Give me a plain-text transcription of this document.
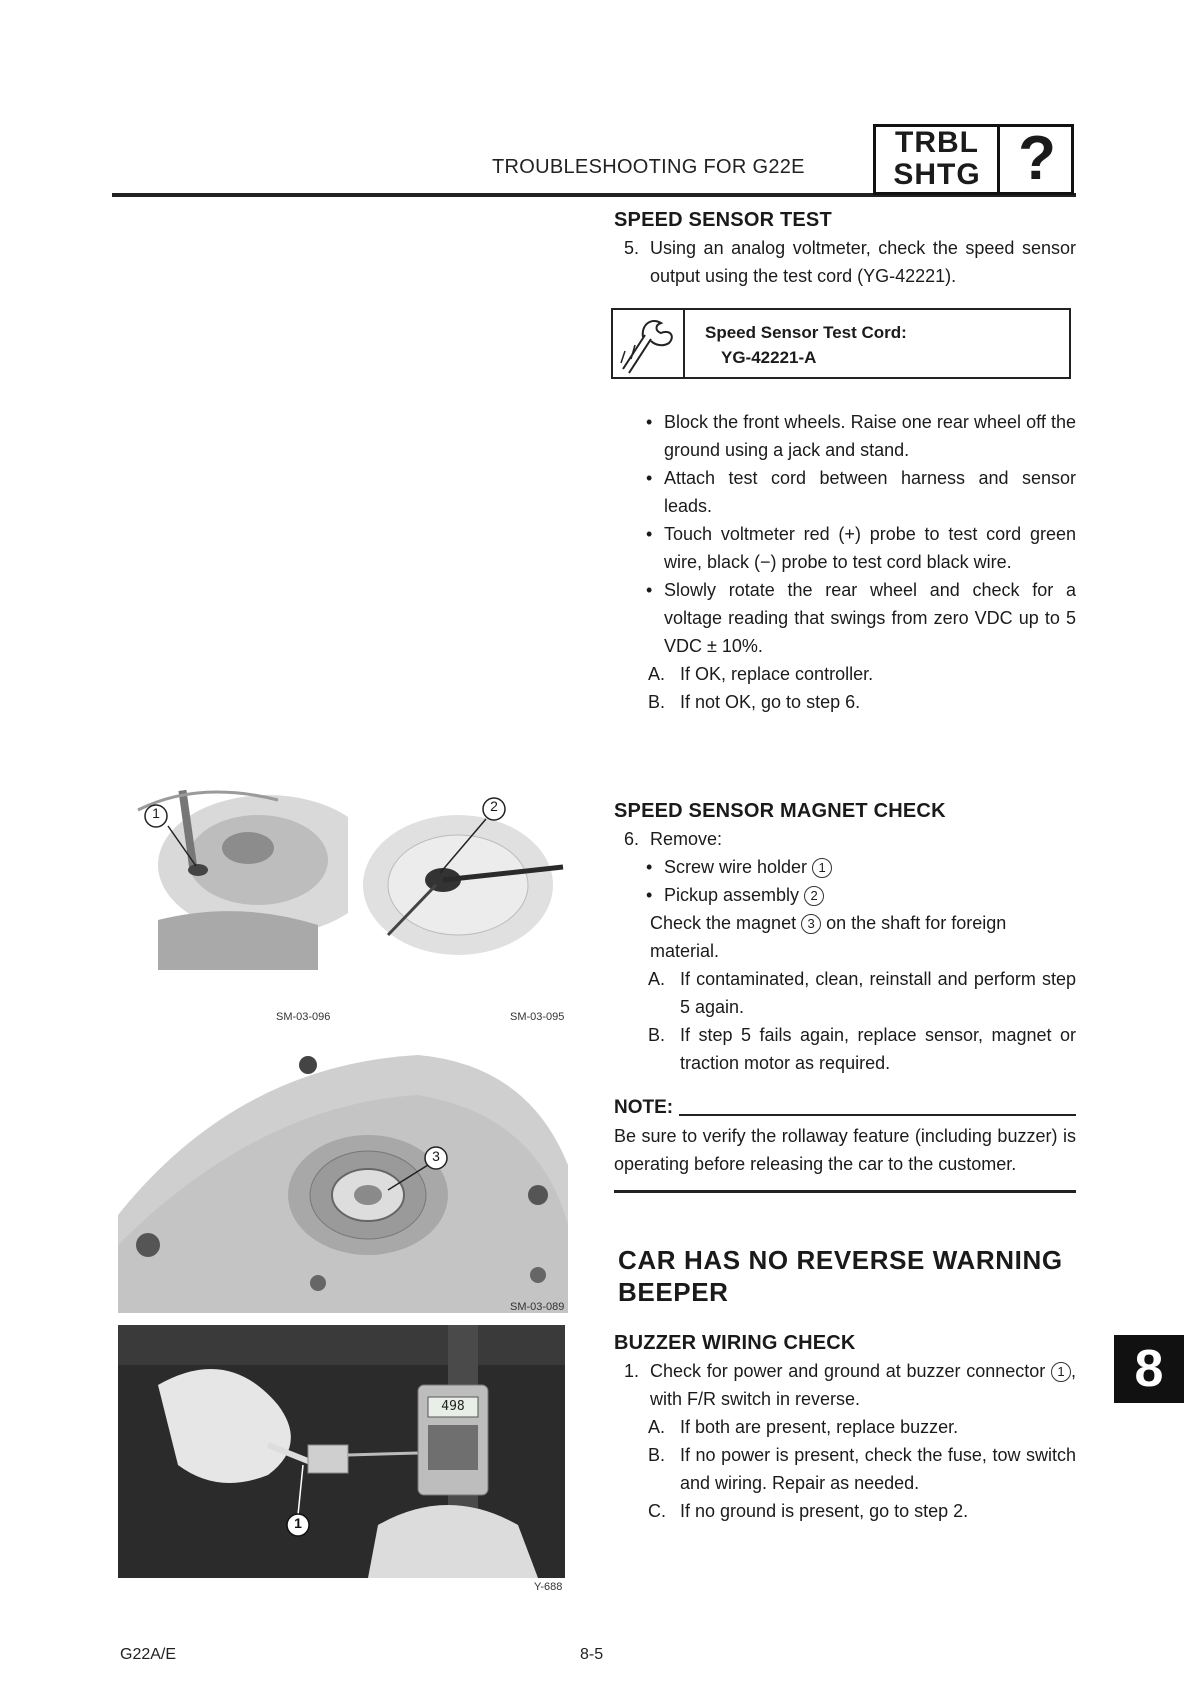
TROUBLESHOOTING FOR G22E
TRBL
SHTG ?
SPEED SENSOR TEST
5. Using an analog voltmeter, check the speed sensor output using the test cord (YG-42221).
Speed Sensor Test Cord:
YG-42221-A
• Block the front wheels. Raise one rear wheel off the ground using a jack and stand.
• Attach test cord between harness and sensor leads.
• Touch voltmeter red (+) probe to test cord green wire, black (−) probe to test cord black wire.
• Slowly rotate the rear wheel and check for a voltage reading that swings from zero VDC up to 5 VDC ± 10%.
A. If OK, replace controller.
B. If not OK, go to step 6.
SPEED SENSOR MAGNET CHECK
6. Remove:
• Screw wire holder 1
• Pickup assembly 2
Check the magnet 3 on the shaft for foreign material.
A. If contaminated, clean, reinstall and perform step 5 again.
B. If step 5 fails again, replace sensor, magnet or traction motor as required.
NOTE:
Be sure to verify the rollaway feature (including buzzer) is operating before releasing the car to the customer.
CAR HAS NO REVERSE WARNING
BEEPER
BUZZER WIRING CHECK
1. Check for power and ground at buzzer connector 1 , with F/R switch in reverse.
A. If both are present, replace buzzer.
B. If no power is present, check the fuse, tow switch and wiring. Repair as needed.
C. If no ground is present, go to step 2.
1
SM-03-096
2
SM-03-095
3
SM-03-089
1
498
Y-688
8
G22A/E	8-5
